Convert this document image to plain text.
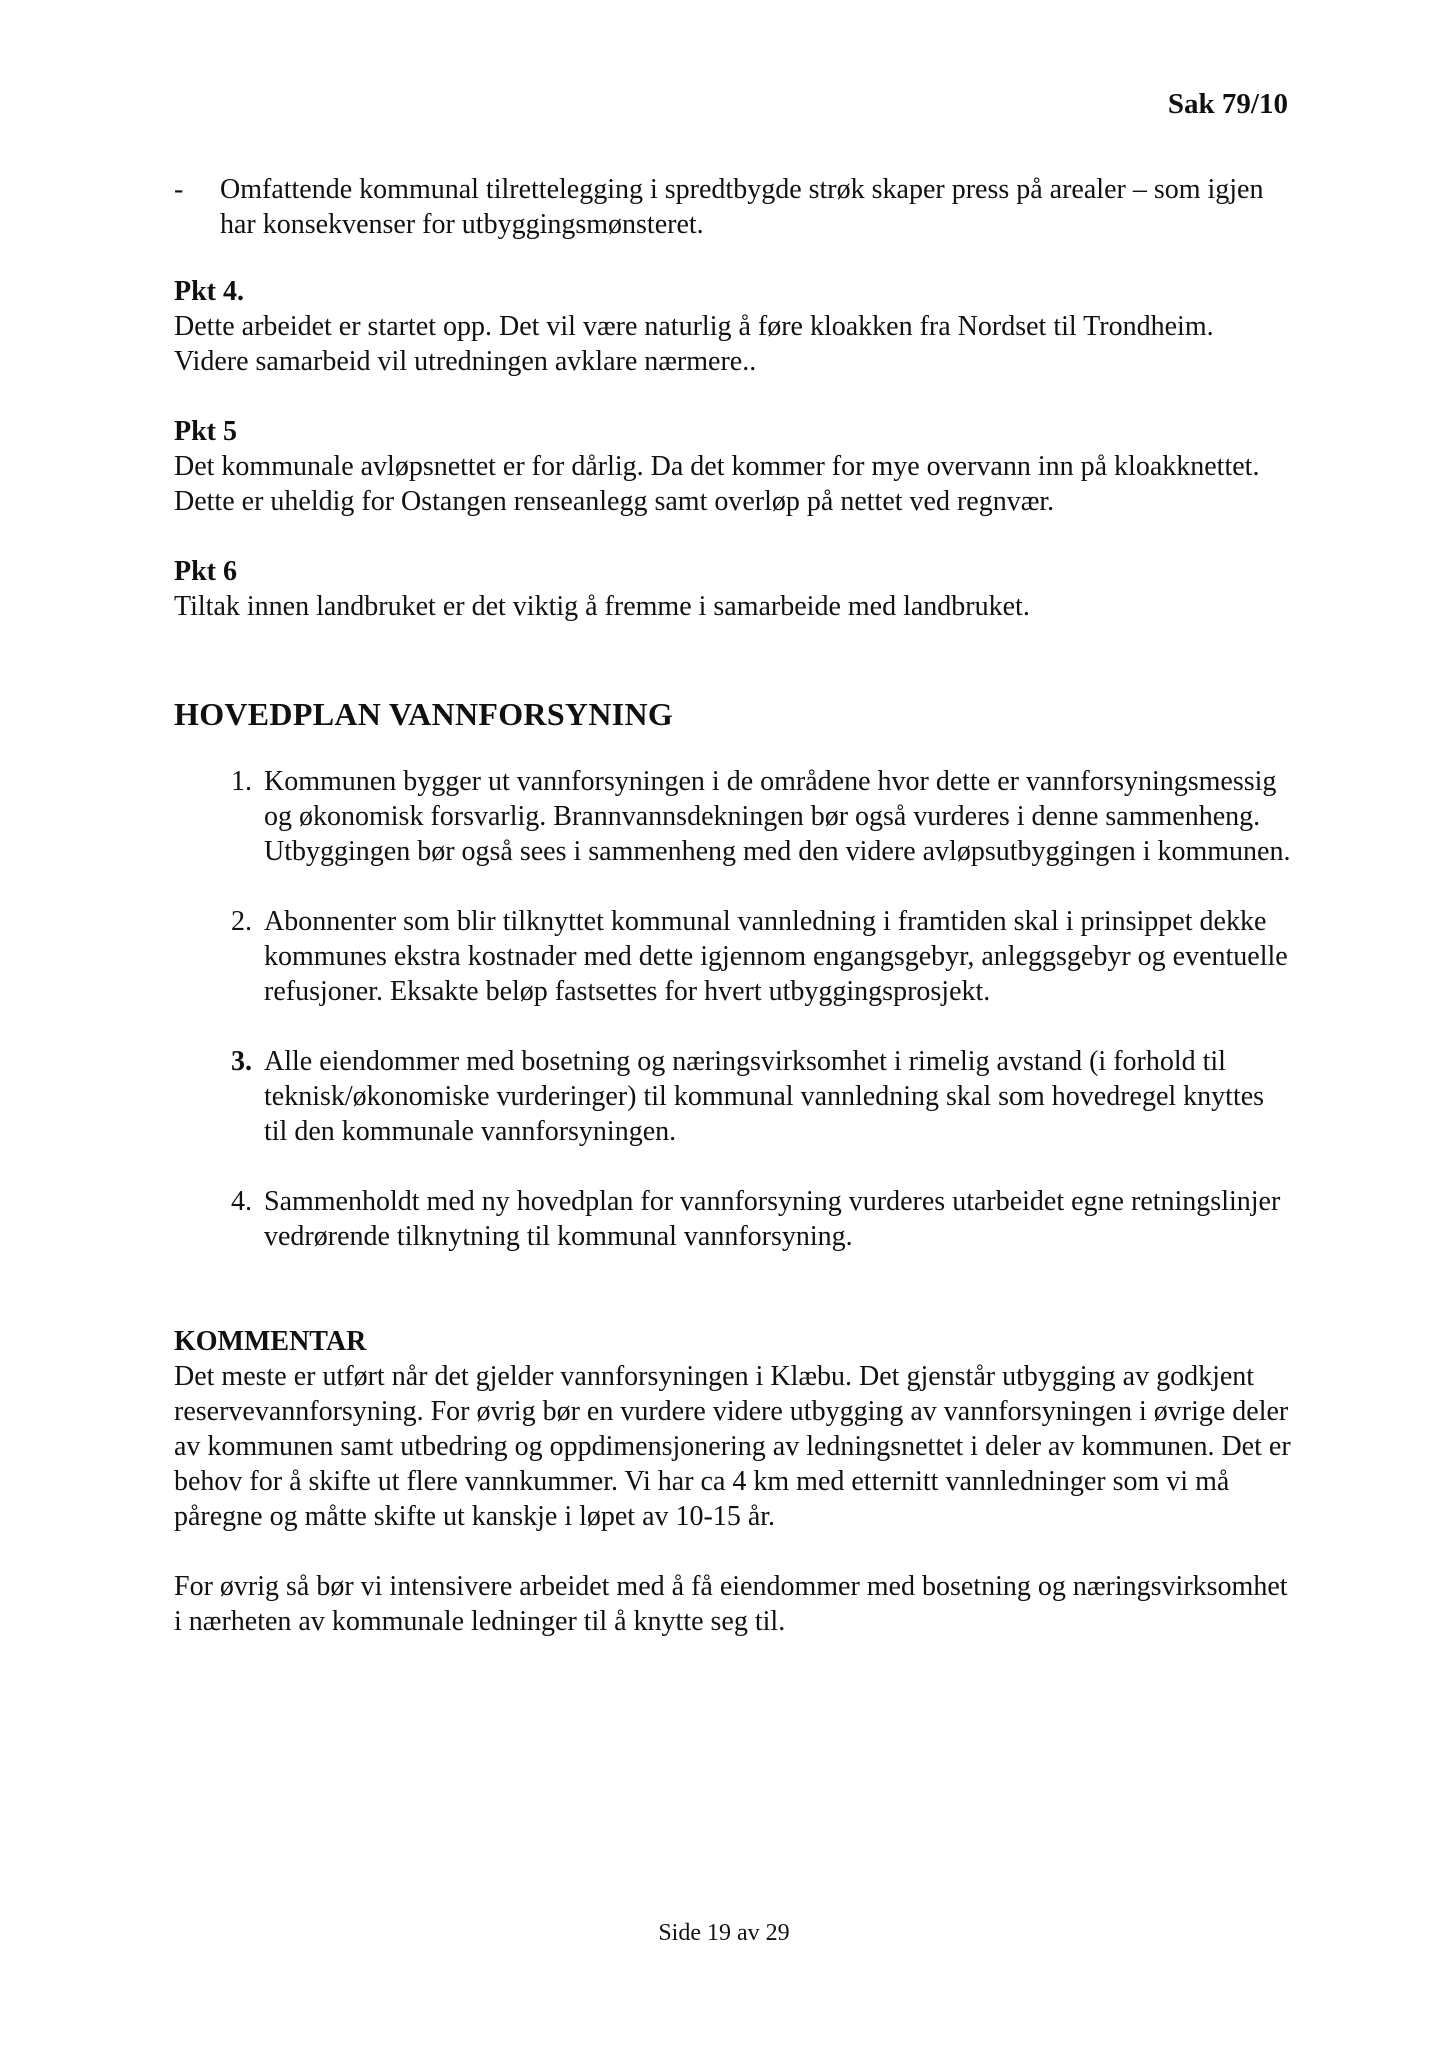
Sak 79/10
-	Omfattende kommunal tilrettelegging i spredtbygde strøk skaper press på arealer – som igjen har konsekvenser for utbyggingsmønsteret.

Pkt 4.

Dette arbeidet er startet opp. Det vil være naturlig å føre kloakken fra Nordset til Trondheim. Videre samarbeid vil utredningen avklare nærmere..

Pkt 5

Det kommunale avløpsnettet er for dårlig. Da det kommer for mye overvann inn på kloakknettet. Dette er uheldig for Ostangen renseanlegg samt overløp på nettet ved regnvær.

Pkt 6

Tiltak innen landbruket er det viktig å fremme i samarbeide med landbruket.

HOVEDPLAN VANNFORSYNING
1. Kommunen bygger ut vannforsyningen i de områdene hvor dette er vannforsyningsmessig og økonomisk forsvarlig. Brannvannsdekningen bør også vurderes i denne sammenheng. Utbyggingen bør også sees i sammenheng med den videre avløpsutbyggingen i kommunen.
2. Abonnenter som blir tilknyttet kommunal vannledning i framtiden skal i prinsippet dekke kommunes ekstra kostnader med dette igjennom engangsgebyr, anleggsgebyr og eventuelle refusjoner. Eksakte beløp fastsettes for hvert utbyggingsprosjekt.
3. Alle eiendommer med bosetning og næringsvirksomhet i rimelig avstand (i forhold til teknisk/økonomiske vurderinger) til kommunal vannledning skal som hovedregel knyttes til den kommunale vannforsyningen.
4. Sammenholdt med ny hovedplan for vannforsyning vurderes utarbeidet egne retningslinjer vedrørende tilknytning til kommunal vannforsyning.
KOMMENTAR

Det meste er utført når det gjelder vannforsyningen i Klæbu. Det gjenstår utbygging av godkjent reservevannforsyning. For øvrig bør en vurdere videre utbygging av vannforsyningen i øvrige deler av kommunen samt utbedring og oppdimensjonering av ledningsnettet i deler av kommunen. Det er behov for å skifte ut flere vannkummer. Vi har ca 4 km med etternitt vannledninger som vi må påregne og måtte skifte ut kanskje i løpet av 10-15 år.

For øvrig så bør vi intensivere arbeidet med å få eiendommer med bosetning og næringsvirksomhet i nærheten av kommunale ledninger til å knytte seg til.

Side 19 av 29
